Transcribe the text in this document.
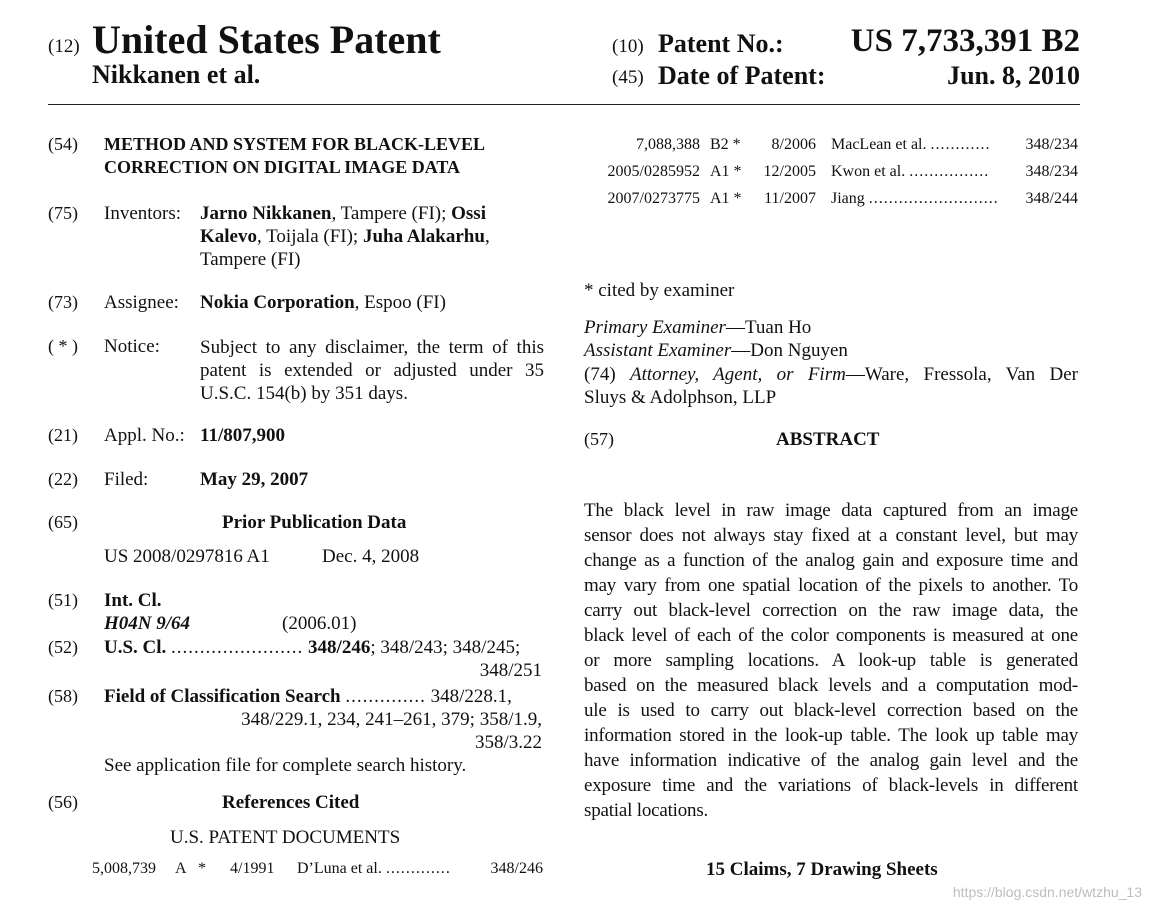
(12) United States Patent
Nikkanen et al.
(10) Patent No.:	US 7,733,391 B2
(45) Date of Patent:	Jun. 8, 2010
(54) METHOD AND SYSTEM FOR BLACK-LEVEL
CORRECTION ON DIGITAL IMAGE DATA
(75) Inventors: Jarno Nikkanen, Tampere (FI); Ossi
Kalevo, Toijala (FI); Juha Alakarhu,
Tampere (FI)
(73) Assignee: Nokia Corporation, Espoo (FI)
( * ) Notice: Subject to any disclaimer, the term of this
patent is extended or adjusted under 35
U.S.C. 154(b) by 351 days.
(21) Appl. No.: 11/807,900
(22) Filed:	May 29, 2007
(65)	Prior Publication Data
US 2008/0297816 A1	Dec. 4, 2008
(51) Int. Cl.
H04N 9/64	(2006.01)
(52) U.S. Cl. ....................... 348/246; 348/243; 348/245;
348/251
(58) Field of Classification Search .............. 348/228.1,
348/229.1, 234, 241–261, 379; 358/1.9,
358/3.22
See application file for complete search history.
(56)	References Cited
U.S. PATENT DOCUMENTS
5,008,739 A * 4/1991 D’Luna et al. .............	348/246
7,088,388 B2 *	8/2006 MacLean et al. ............	348/234
2005/0285952 A1 *	12/2005 Kwon et al. ................	348/234
2007/0273775 A1 *	11/2007 Jiang ..........................	348/244
* cited by examiner
Primary Examiner—Tuan Ho
Assistant Examiner—Don Nguyen
(74) Attorney, Agent, or Firm—Ware, Fressola, Van Der
Sluys & Adolphson, LLP
(57)	ABSTRACT
The black level in raw image data captured from an image
sensor does not always stay fixed at a constant level, but may
change as a function of the analog gain and exposure time and
may vary from one spatial location of the pixels to another. To
carry out black-level correction on the raw image data, the
black level of each of the color components is measured at one
or more sampling locations. A look-up table is generated
based on the measured black levels and a computation mod-
ule is used to carry out black-level correction based on the
information stored in the look-up table. The look up table may
have information indicative of the analog gain level and the
exposure time and the variations of black-levels in different
spatial locations.
15 Claims, 7 Drawing Sheets
https://blog.csdn.net/wtzhu_13
